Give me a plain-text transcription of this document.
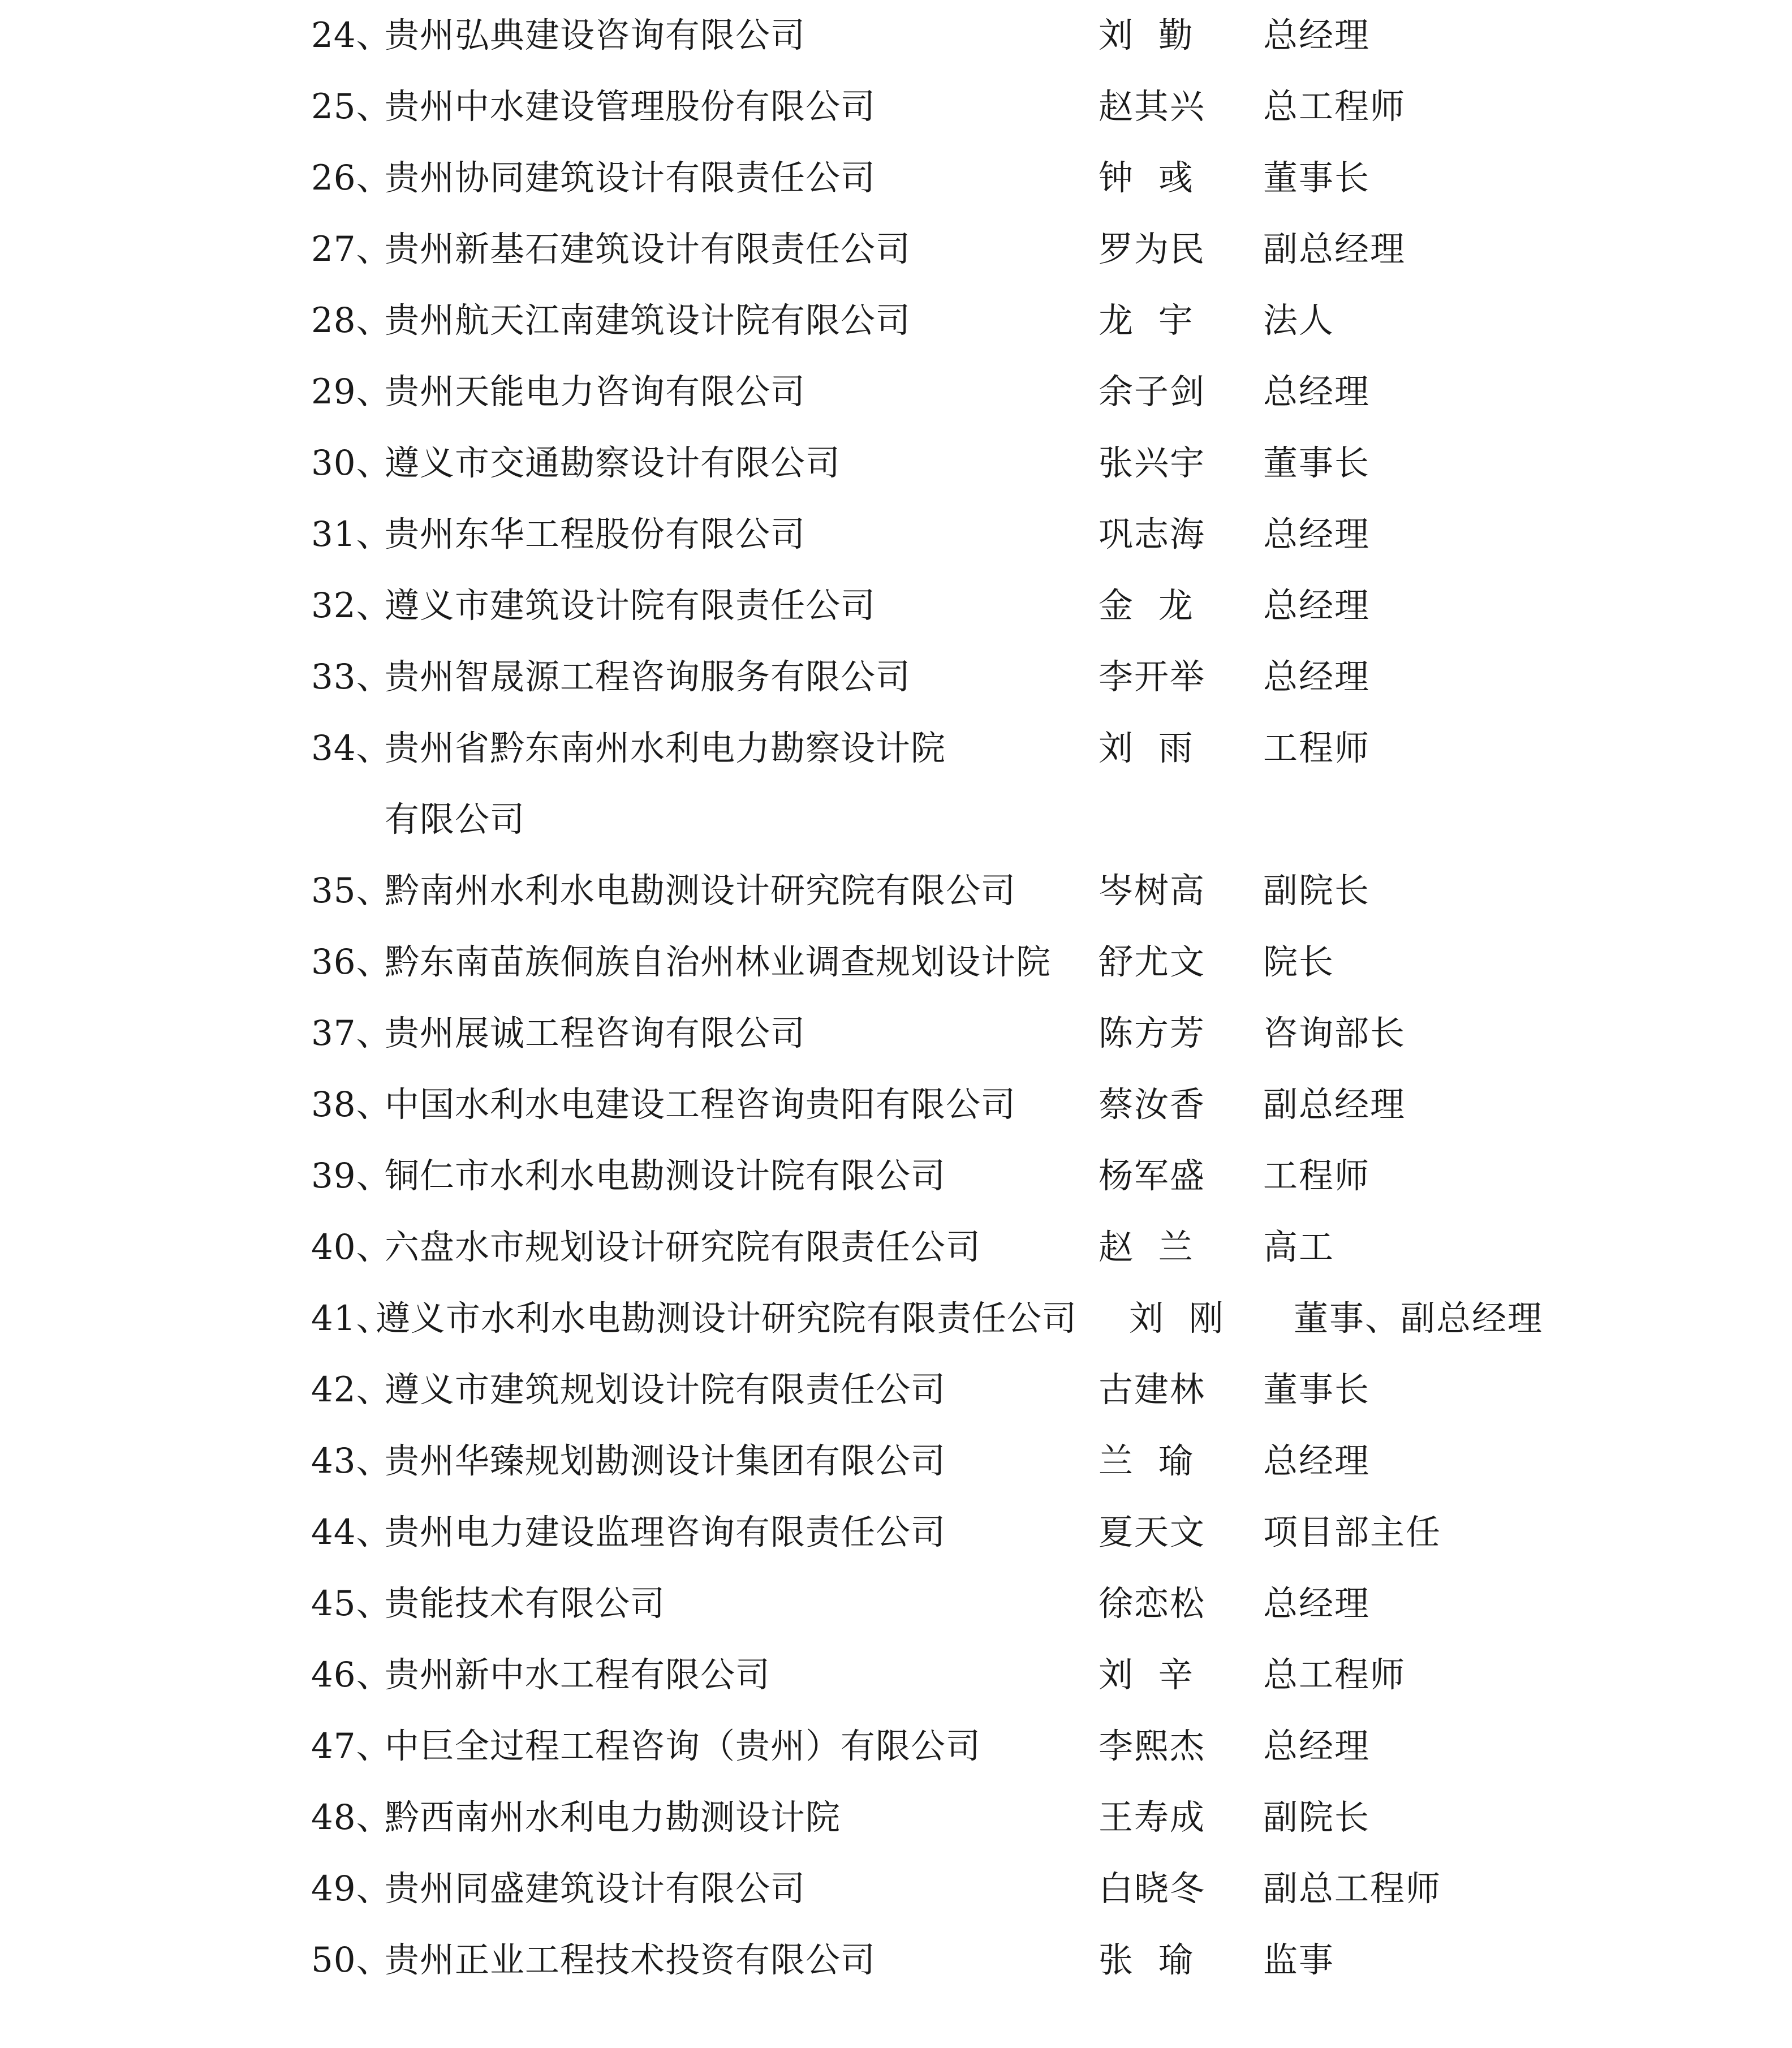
24、
贵州弘典建设咨询有限公司	刘  勤 总经理
25、
贵州中水建设管理股份有限公司	赵其兴 总工程师
26、
贵州协同建筑设计有限责任公司	钟  彧 董事长
27、
贵州新基石建筑设计有限责任公司	罗为民 副总经理
28、
贵州航天江南建筑设计院有限公司	龙  宇 法人
29、
贵州天能电力咨询有限公司	余子剑 总经理
30、
遵义市交通勘察设计有限公司	张兴宇 董事长
31、
贵州东华工程股份有限公司	巩志海 总经理
32、
遵义市建筑设计院有限责任公司	金  龙 总经理
33、
贵州智晟源工程咨询服务有限公司	李开举 总经理
34、
贵州省黔东南州水利电力勘察设计院	刘  雨 工程师
有限公司
35、
黔南州水利水电勘测设计研究院有限公司 岑树高 副院长
36、
黔东南苗族侗族自治州林业调查规划设计院 舒尤文 院长
37、
贵州展诚工程咨询有限公司	陈方芳 咨询部长
38、
中国水利水电建设工程咨询贵阳有限公司 蔡汝香 副总经理
39、
铜仁市水利水电勘测设计院有限公司	杨军盛 工程师
40、
六盘水市规划设计研究院有限责任公司	赵  兰 高工
41、
遵义市水利水电勘测设计研究院有限责任公司 刘  刚 董事、副总经理
42、
遵义市建筑规划设计院有限责任公司	古建林 董事长
43、
贵州华臻规划勘测设计集团有限公司	兰  瑜 总经理
44、
贵州电力建设监理咨询有限责任公司	夏天文 项目部主任
45、
贵能技术有限公司	徐恋松 总经理
46、
贵州新中水工程有限公司	刘  辛 总工程师
47、
中巨全过程工程咨询（贵州）有限公司	李熙杰 总经理
48、
黔西南州水利电力勘测设计院	王寿成 副院长
49、
贵州同盛建筑设计有限公司	白晓冬 副总工程师
50、
贵州正业工程技术投资有限公司	张  瑜 监事
